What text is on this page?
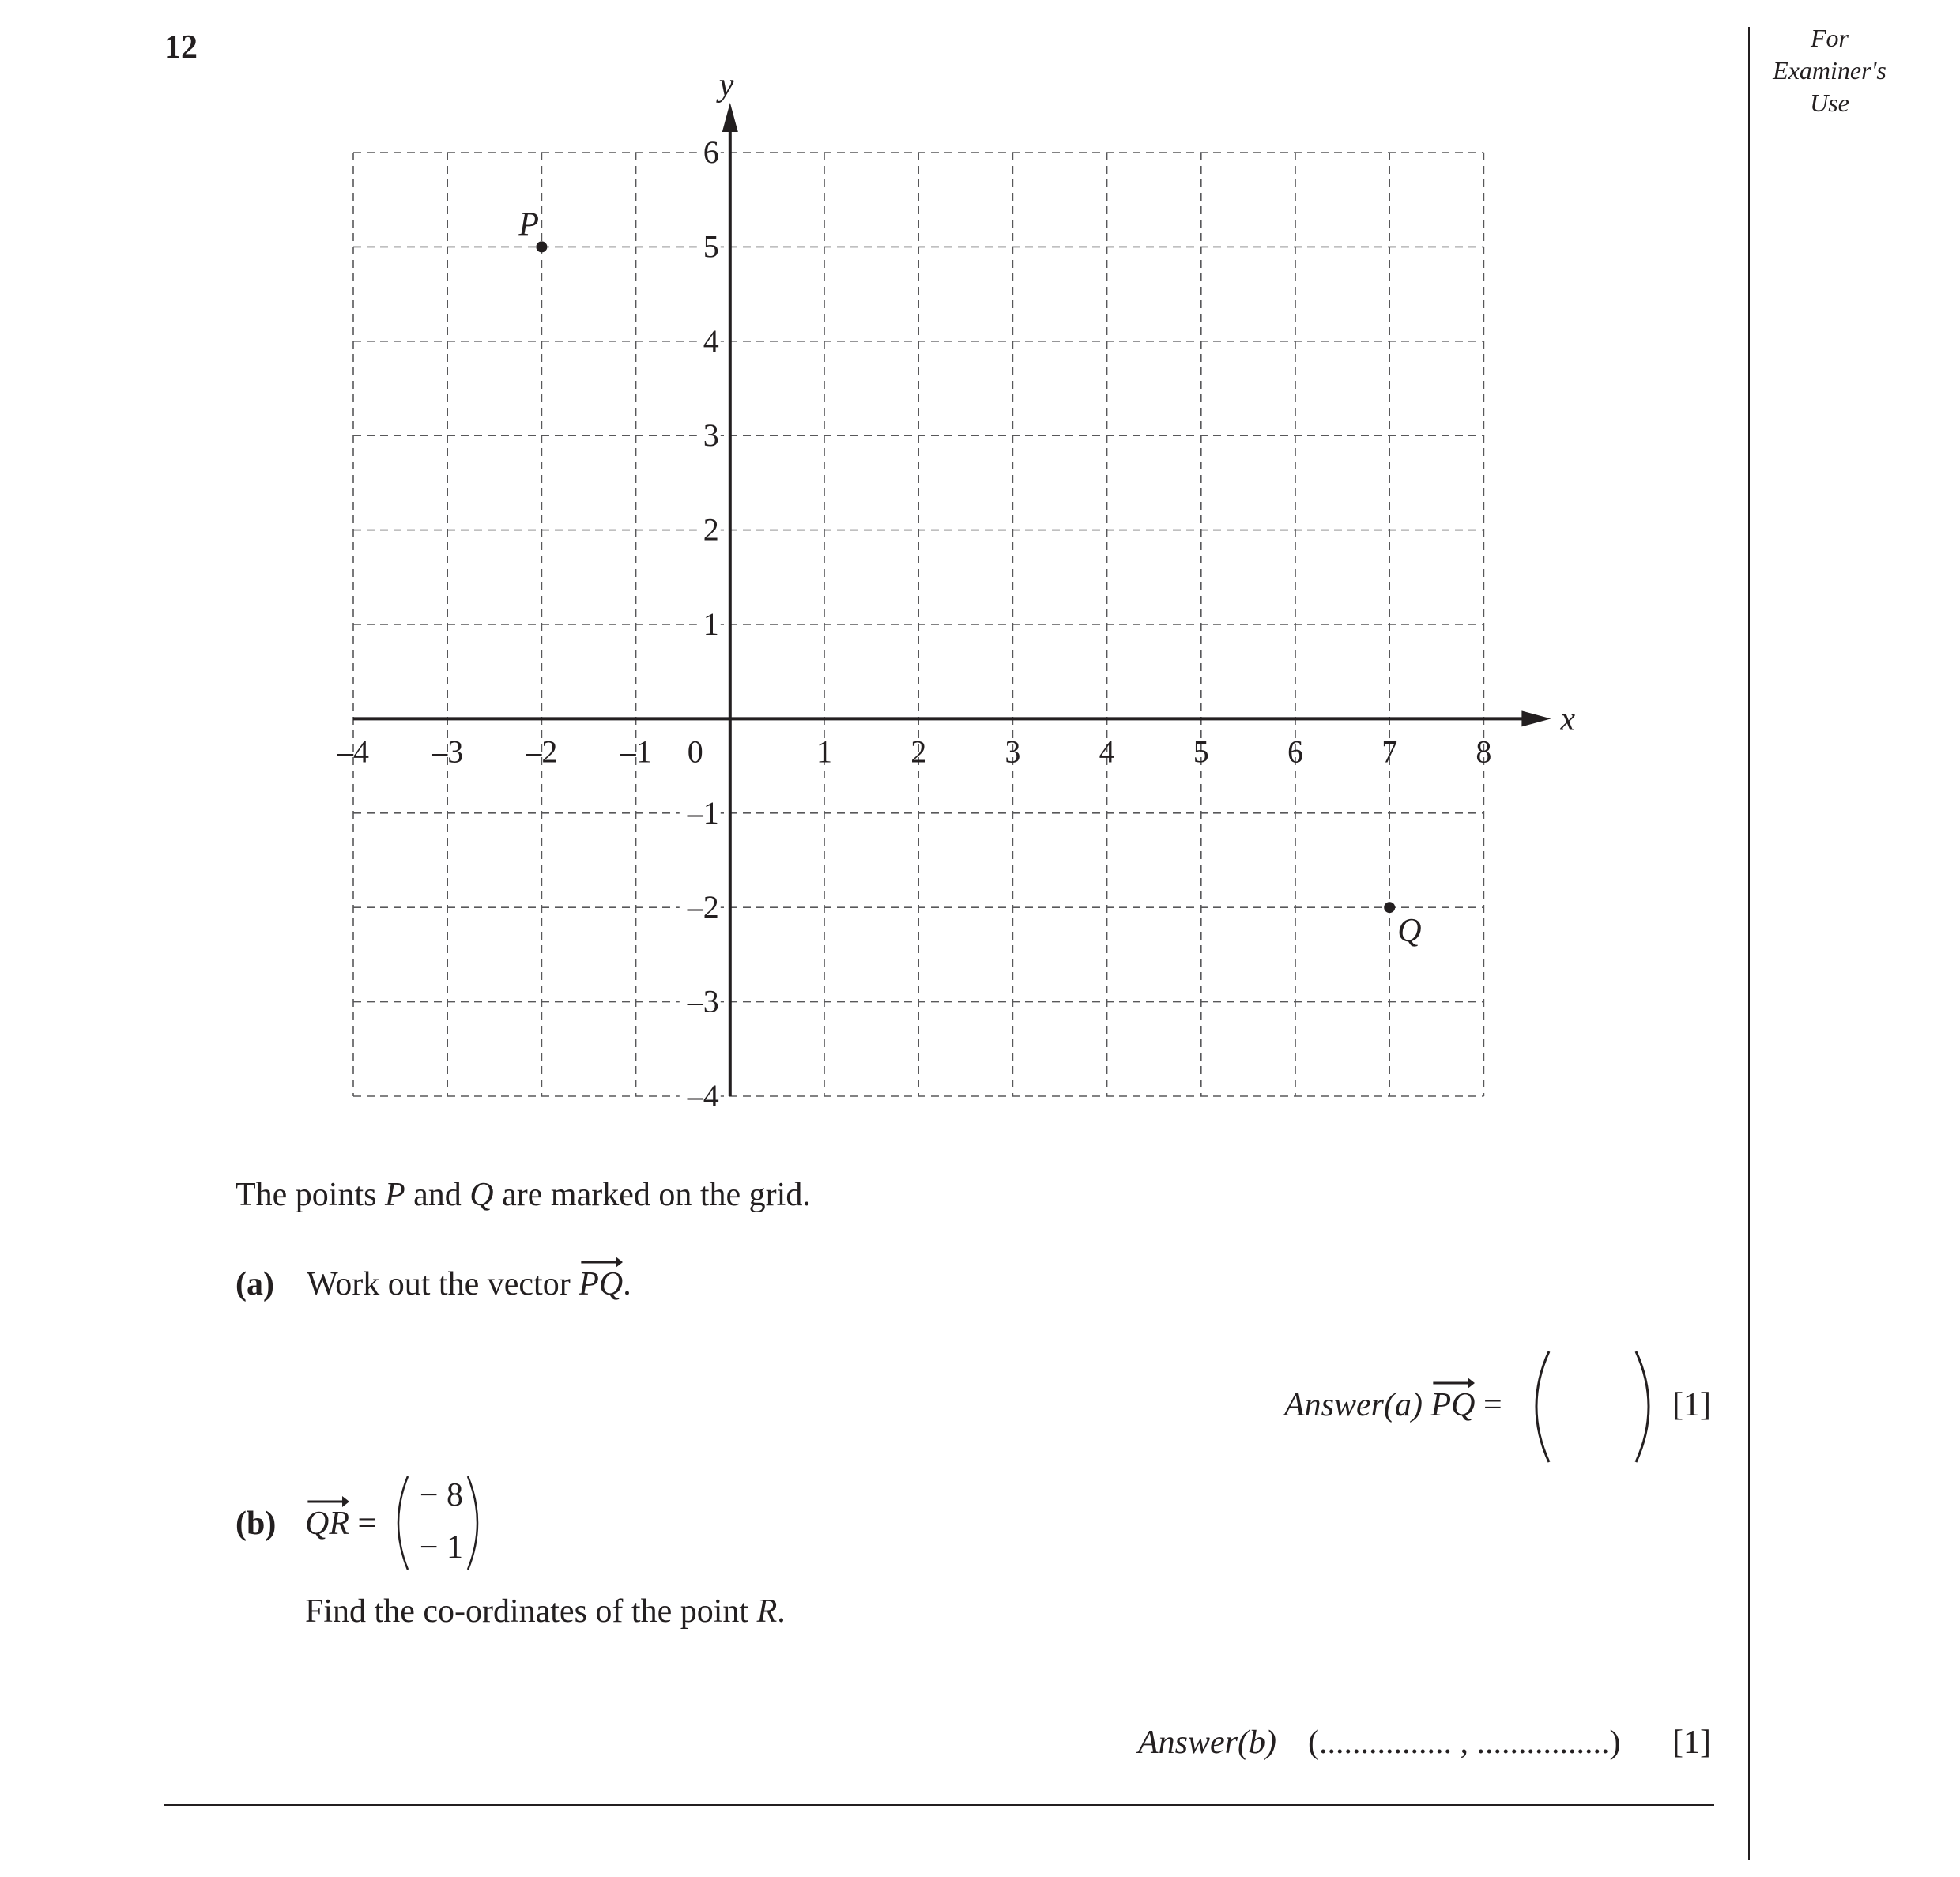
12	For
Examiner's
Use
x
y
–4 –3 –2 –1 0	1 2 3 4 5 6 7 8
–4
–3
–2
–1
1
2
3
4
5
6
P
Q
The points P and Q are marked on the grid.
(a) Work out the vector
PQ.
Answer(a)
PQ =	[1]
(b) QR =
− 8
− 1
Find the co-ordinates of the point R.
Answer(b) (................ , ................) [1]
